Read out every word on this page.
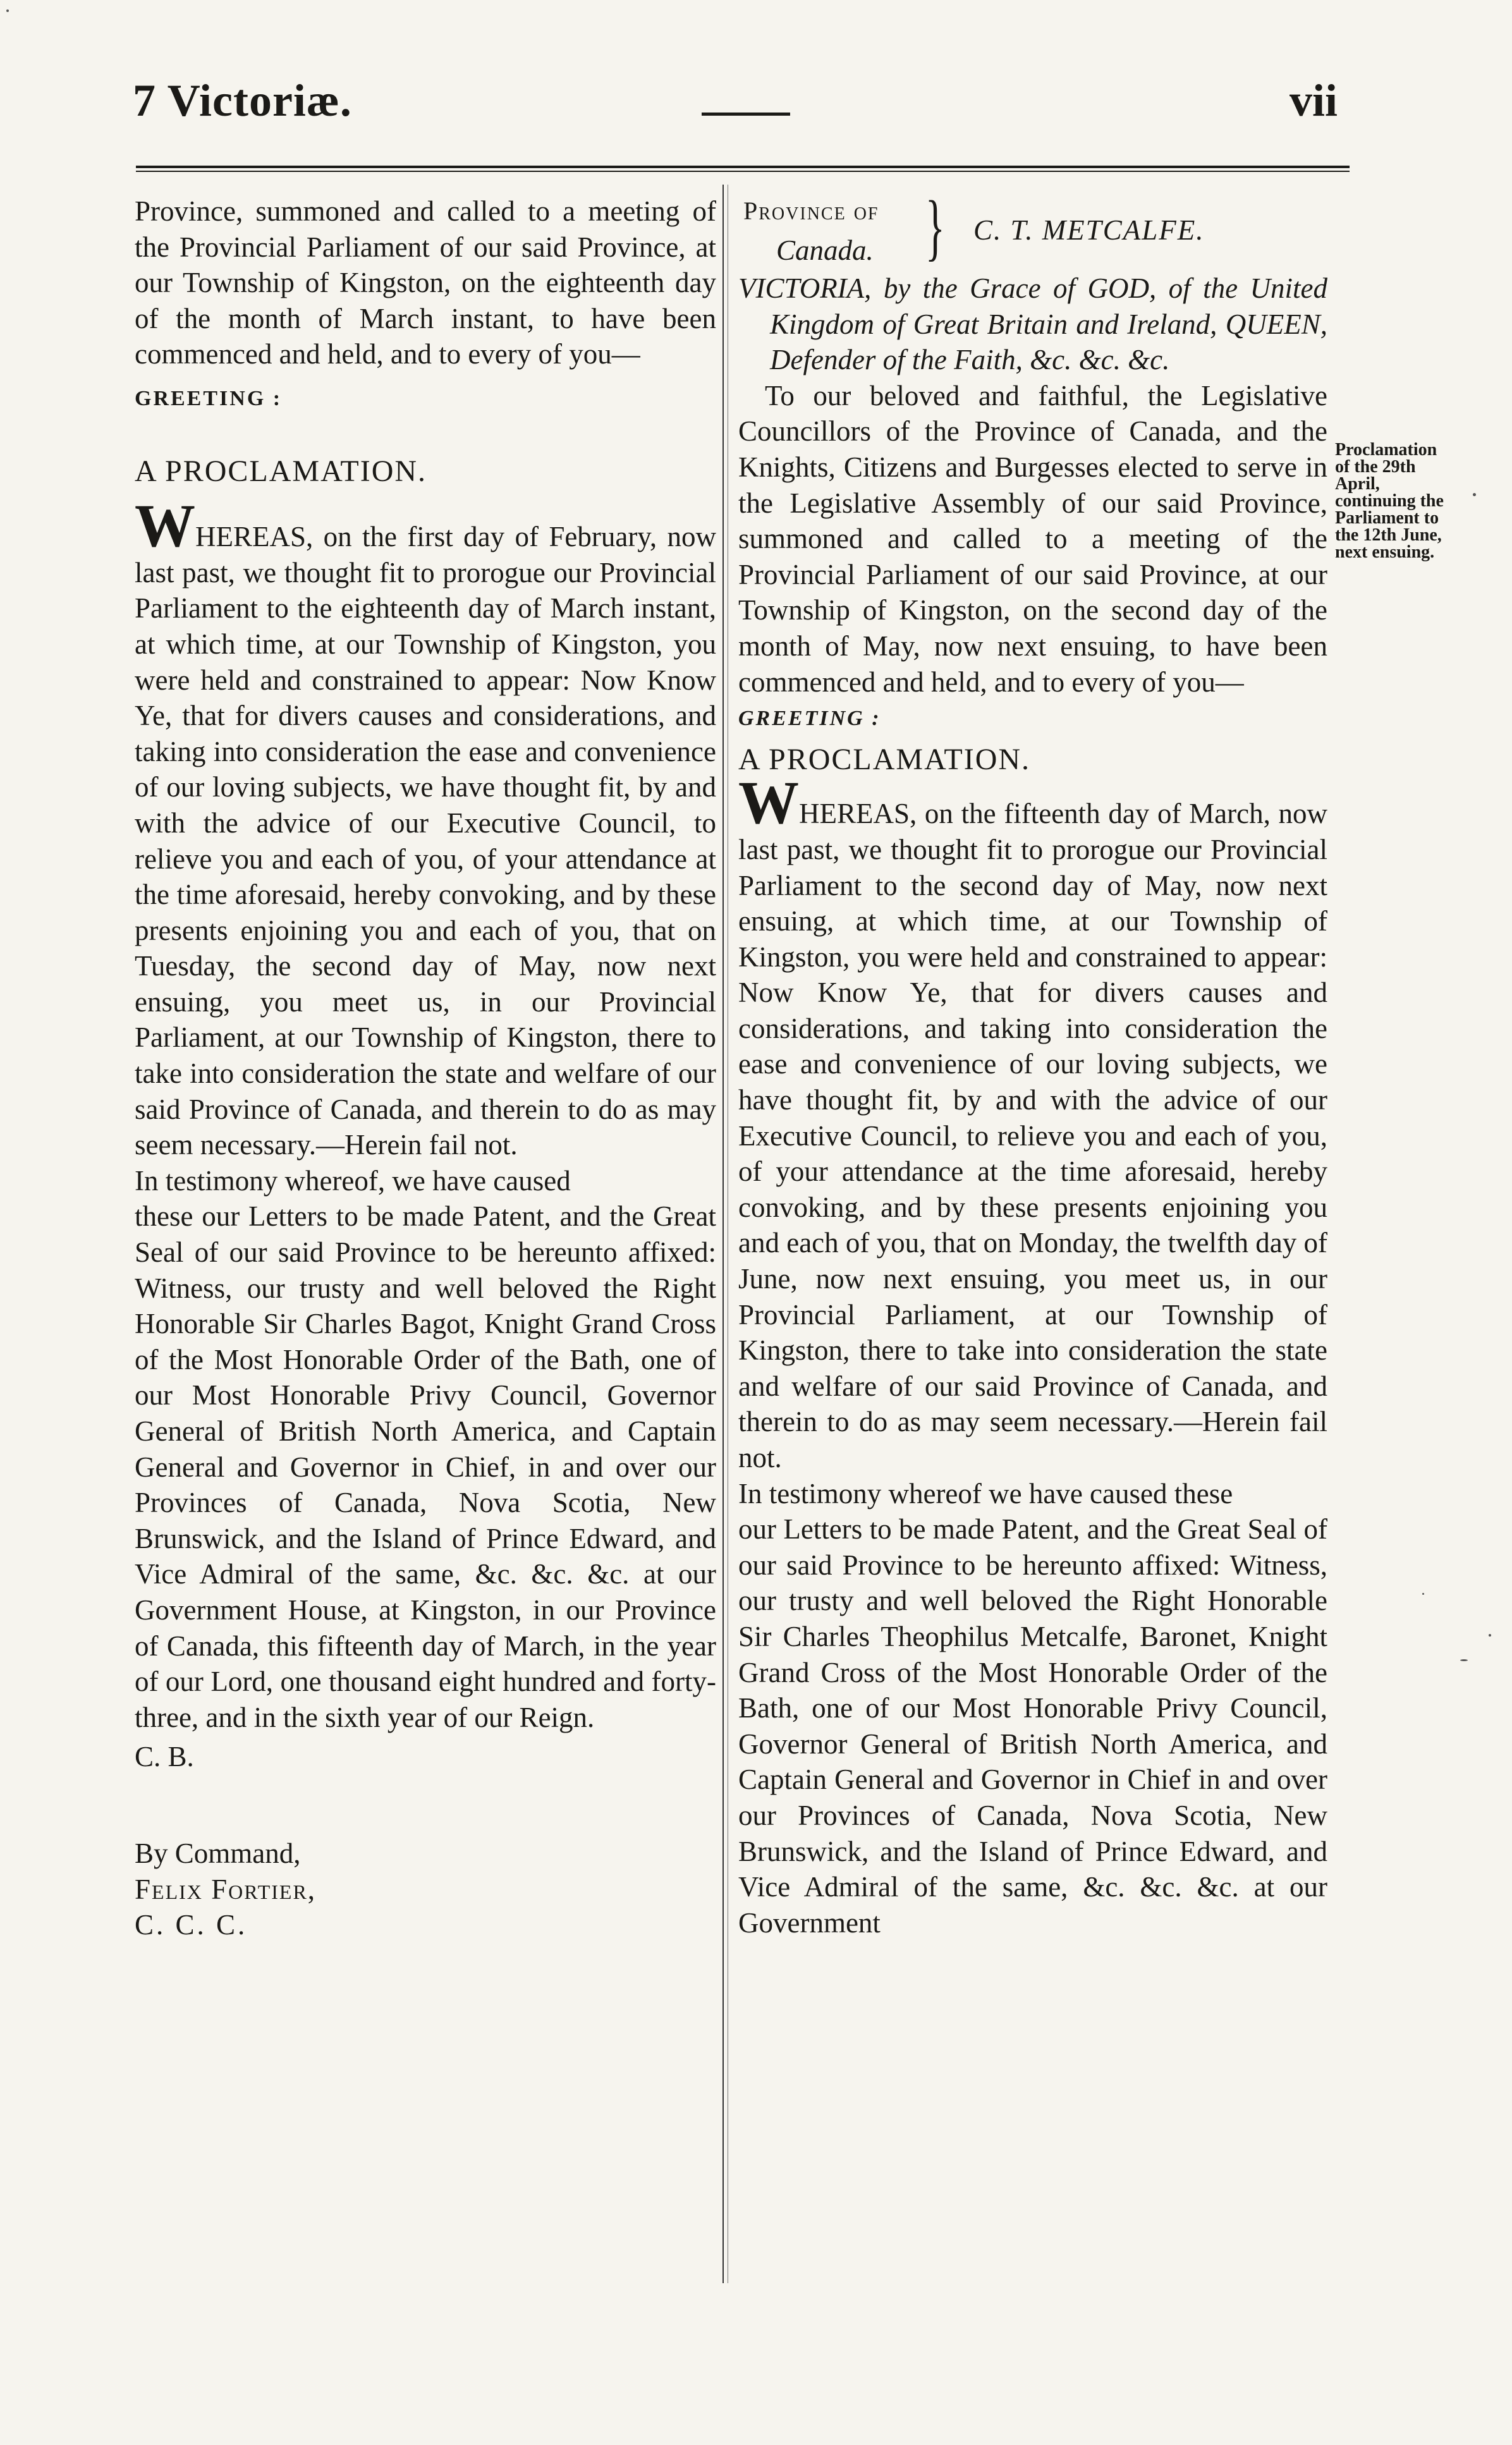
7 Victoriæ.	vii

Province, summoned and called to a meeting of the Provincial Parliament of our said Province, at our Township of Kingston, on the eighteenth day of the month of March instant, to have been commenced and held, and to every of you—

GREETING :

A PROCLAMATION.

WHEREAS, on the first day of February, now last past, we thought fit to prorogue our Provincial Parliament to the eighteenth day of March instant, at which time, at our Township of Kingston, you were held and constrained to appear: Now Know Ye, that for divers causes and considerations, and taking into consideration the ease and convenience of our loving subjects, we have thought fit, by and with the advice of our Executive Council, to relieve you and each of you, of your attendance at the time aforesaid, hereby convoking, and by these presents enjoining you and each of you, that on Tuesday, the second day of May, now next ensuing, you meet us, in our Provincial Parliament, at our Township of Kingston, there to take into consideration the state and welfare of our said Province of Canada, and therein to do as may seem necessary.—Herein fail not.

In testimony whereof, we have caused

these our Letters to be made Patent, and the Great Seal of our said Province to be hereunto affixed: Witness, our trusty and well beloved the Right Honorable Sir Charles Bagot, Knight Grand Cross of the Most Honorable Order of the Bath, one of our Most Honorable Privy Council, Governor General of British North America, and Captain General and Governor in Chief, in and over our Provinces of Canada, Nova Scotia, New Brunswick, and the Island of Prince Edward, and Vice Admiral of the same, &c. &c. &c. at our Government House, at Kingston, in our Province of Canada, this fifteenth day of March, in the year of our Lord, one thousand eight hundred and forty-three, and in the sixth year of our Reign.

C. B.

By Command,

Felix Fortier,

C. C. C.

Province of
Canada. } C. T. METCALFE.

VICTORIA, by the Grace of GOD, of the United Kingdom of Great Britain and Ireland, QUEEN, Defender of the Faith, &c. &c. &c.

To our beloved and faithful, the Legislative Councillors of the Province of Canada, and the Knights, Citizens and Burgesses elected to serve in the Legislative Assembly of our said Province, summoned and called to a meeting of the Provincial Parliament of our said Province, at our Township of Kingston, on the second day of the month of May, now next ensuing, to have been commenced and held, and to every of you—

GREETING :

A PROCLAMATION.

WHEREAS, on the fifteenth day of March, now last past, we thought fit to prorogue our Provincial Parliament to the second day of May, now next ensuing, at which time, at our Township of Kingston, you were held and constrained to appear: Now Know Ye, that for divers causes and considerations, and taking into consideration the ease and convenience of our loving subjects, we have thought fit, by and with the advice of our Executive Council, to relieve you and each of you, of your attendance at the time aforesaid, hereby convoking, and by these presents enjoining you and each of you, that on Monday, the twelfth day of June, now next ensuing, you meet us, in our Provincial Parliament, at our Township of Kingston, there to take into consideration the state and welfare of our said Province of Canada, and therein to do as may seem necessary.—Herein fail not.

In testimony whereof we have caused these

our Letters to be made Patent, and the Great Seal of our said Province to be hereunto affixed: Witness, our trusty and well beloved the Right Honorable Sir Charles Theophilus Metcalfe, Baronet, Knight Grand Cross of the Most Honorable Order of the Bath, one of our Most Honorable Privy Council, Governor General of British North America, and Captain General and Governor in Chief in and over our Provinces of Canada, Nova Scotia, New Brunswick, and the Island of Prince Edward, and Vice Admiral of the same, &c. &c. &c. at our Government

Proclamation of the 29th April, continuing the Parliament to the 12th June, next ensuing.
